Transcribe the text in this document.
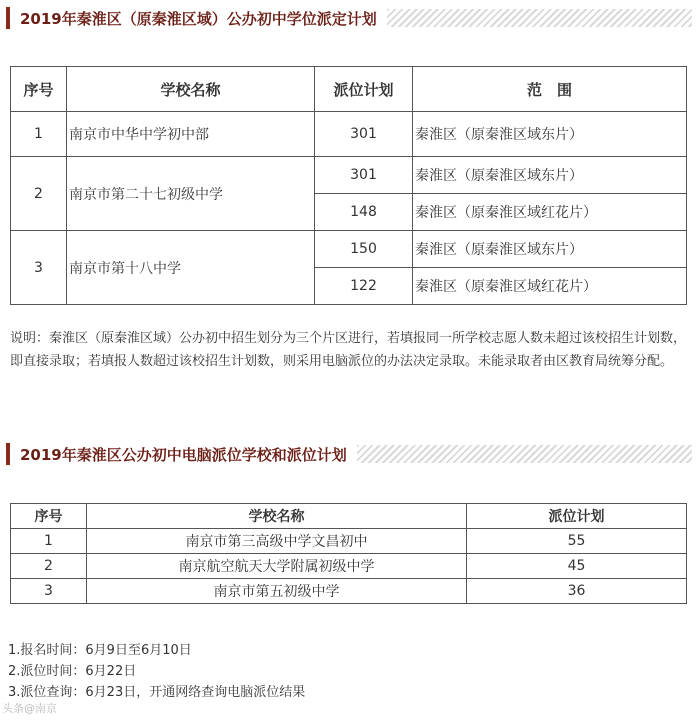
2019年秦淮区（原秦淮区域）公办初中学位派定计划
序号	学校名称	派位计划	范　围
1	南京市中华中学初中部	301	秦淮区（原秦淮区域东片）
2	南京市第二十七初级中学	301	秦淮区（原秦淮区域东片）
		148	秦淮区（原秦淮区域红花片）
3	南京市第十八中学	150	秦淮区（原秦淮区域东片）
		122	秦淮区（原秦淮区域红花片）
说明：秦淮区（原秦淮区域）公办初中招生划分为三个片区进行，若填报同一所学校志愿人数未超过该校招生计划数，即直接录取；若填报人数超过该校招生计划数，则采用电脑派位的办法决定录取。未能录取者由区教育局统筹分配。
2019年秦淮区公办初中电脑派位学校和派位计划
序号	学校名称	派位计划
1	南京市第三高级中学文昌初中	55
2	南京航空航天大学附属初级中学	45
3	南京市第五初级中学	36
1.报名时间：6月9日至6月10日
2.派位时间：6月22日
3.派位查询：6月23日，开通网络查询电脑派位结果
头条@南京
